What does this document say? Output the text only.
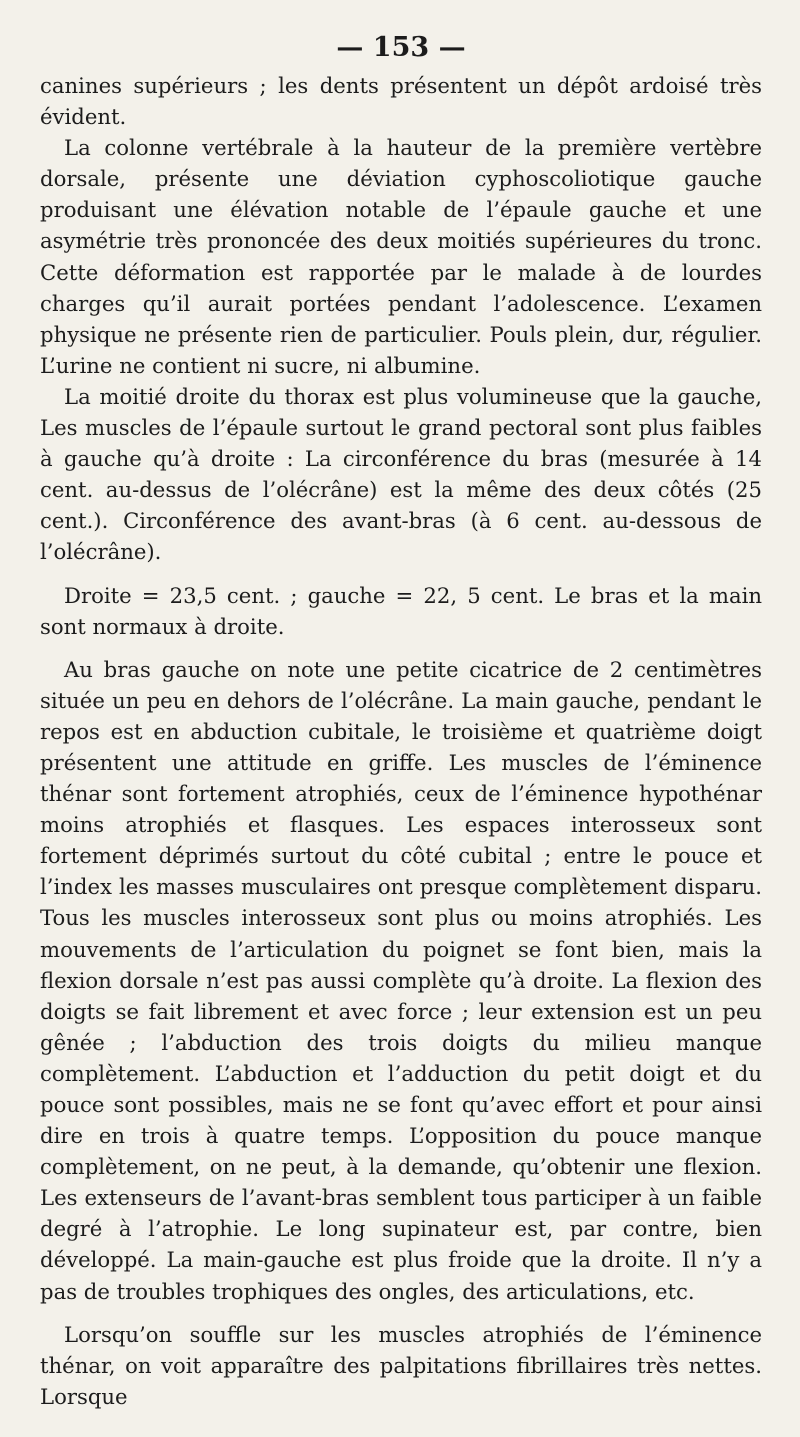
— 153 —

canines supérieurs ; les dents présentent un dépôt ardoisé très évident.

La colonne vertébrale à la hauteur de la première vertèbre dorsale, présente une déviation cyphoscoliotique gauche produisant une élévation notable de l’épaule gauche et une asymétrie très prononcée des deux moitiés supérieures du tronc. Cette déformation est rapportée par le malade à de lourdes charges qu’il aurait portées pendant l’adolescence. L’examen physique ne présente rien de particulier. Pouls plein, dur, régulier. L’urine ne contient ni sucre, ni albumine.

La moitié droite du thorax est plus volumineuse que la gauche, Les muscles de l’épaule surtout le grand pectoral sont plus faibles à gauche qu’à droite : La circonférence du bras (mesurée à 14 cent. au-dessus de l’olécrâne) est la même des deux côtés (25 cent.). Circonférence des avant-bras (à 6 cent. au-dessous de l’olécrâne).

Droite = 23,5 cent. ; gauche = 22, 5 cent. Le bras et la main sont normaux à droite.

Au bras gauche on note une petite cicatrice de 2 centimètres située un peu en dehors de l’olécrâne. La main gauche, pendant le repos est en abduction cubitale, le troisième et quatrième doigt présentent une attitude en griffe. Les muscles de l’éminence thénar sont fortement atrophiés, ceux de l’éminence hypothénar moins atrophiés et flasques. Les espaces interosseux sont fortement déprimés surtout du côté cubital ; entre le pouce et l’index les masses musculaires ont presque complètement disparu. Tous les muscles interosseux sont plus ou moins atrophiés. Les mouvements de l’articulation du poignet se font bien, mais la flexion dorsale n’est pas aussi complète qu’à droite. La flexion des doigts se fait librement et avec force ; leur extension est un peu gênée ; l’abduction des trois doigts du milieu manque complètement. L’abduction et l’adduction du petit doigt et du pouce sont possibles, mais ne se font qu’avec effort et pour ainsi dire en trois à quatre temps. L’opposition du pouce manque complètement, on ne peut, à la demande, qu’obtenir une flexion. Les extenseurs de l’avant-bras semblent tous participer à un faible degré à l’atrophie. Le long supinateur est, par contre, bien développé. La main-gauche est plus froide que la droite. Il n’y a pas de troubles trophiques des ongles, des articulations, etc.

Lorsqu’on souffle sur les muscles atrophiés de l’éminence thénar, on voit apparaître des palpitations fibrillaires très nettes. Lorsque
